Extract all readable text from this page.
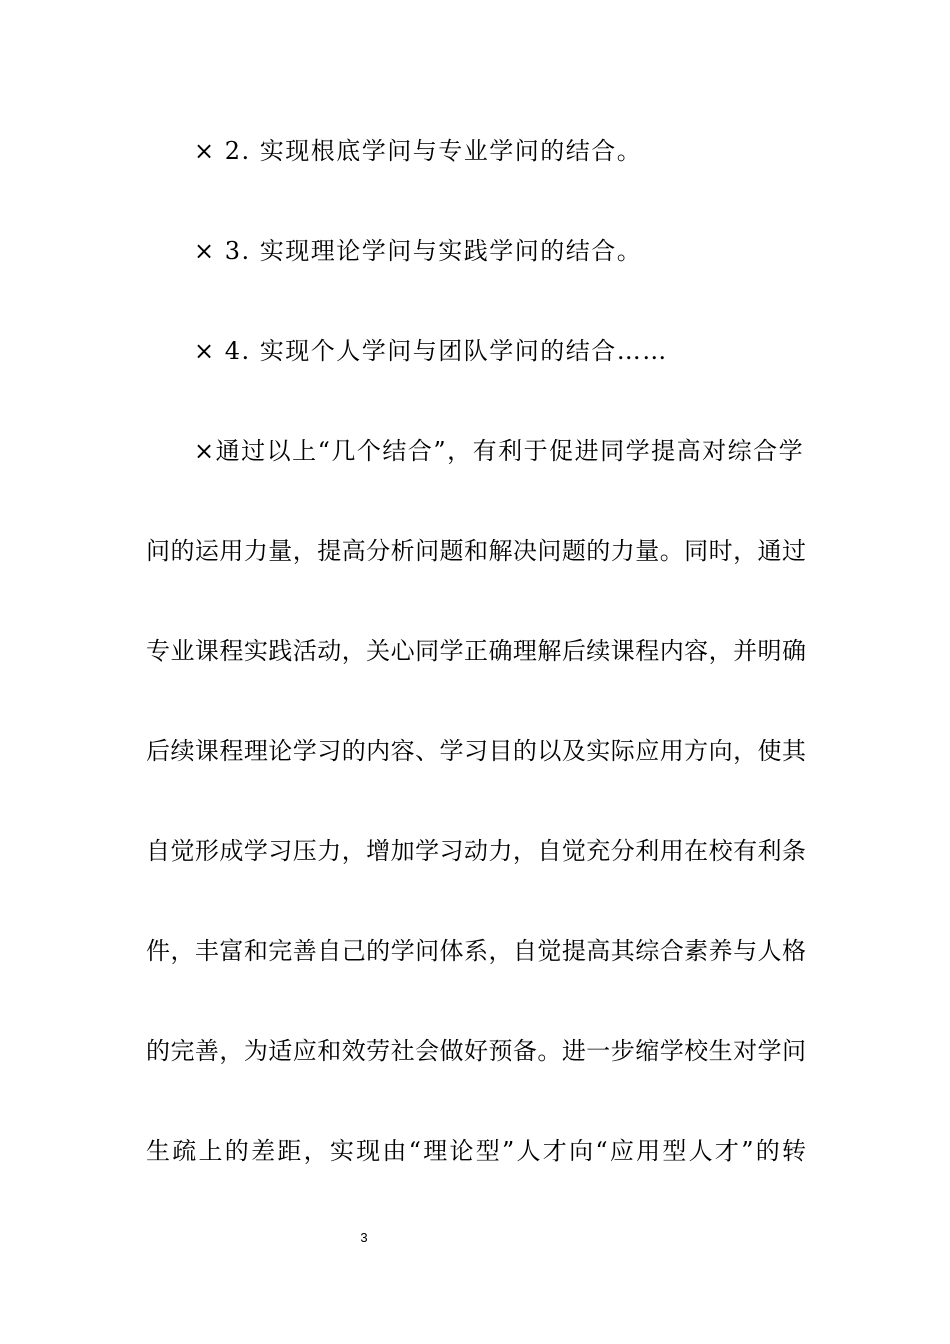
× 2. 实现根底学问与专业学问的结合。
× 3. 实现理论学问与实践学问的结合。
× 4. 实现个人学问与团队学问的结合……
×通过以上“几个结合”，有利于促进同学提高对综合学
问的运用力量，提高分析问题和解决问题的力量。同时，通过
专业课程实践活动，关心同学正确理解后续课程内容，并明确
后续课程理论学习的内容、学习目的以及实际应用方向，使其
自觉形成学习压力，增加学习动力，自觉充分利用在校有利条
件，丰富和完善自己的学问体系，自觉提高其综合素养与人格
的完善，为适应和效劳社会做好预备。进一步缩学校生对学问
生疏上的差距，实现由“理论型”人才向“应用型人才”的转
3
